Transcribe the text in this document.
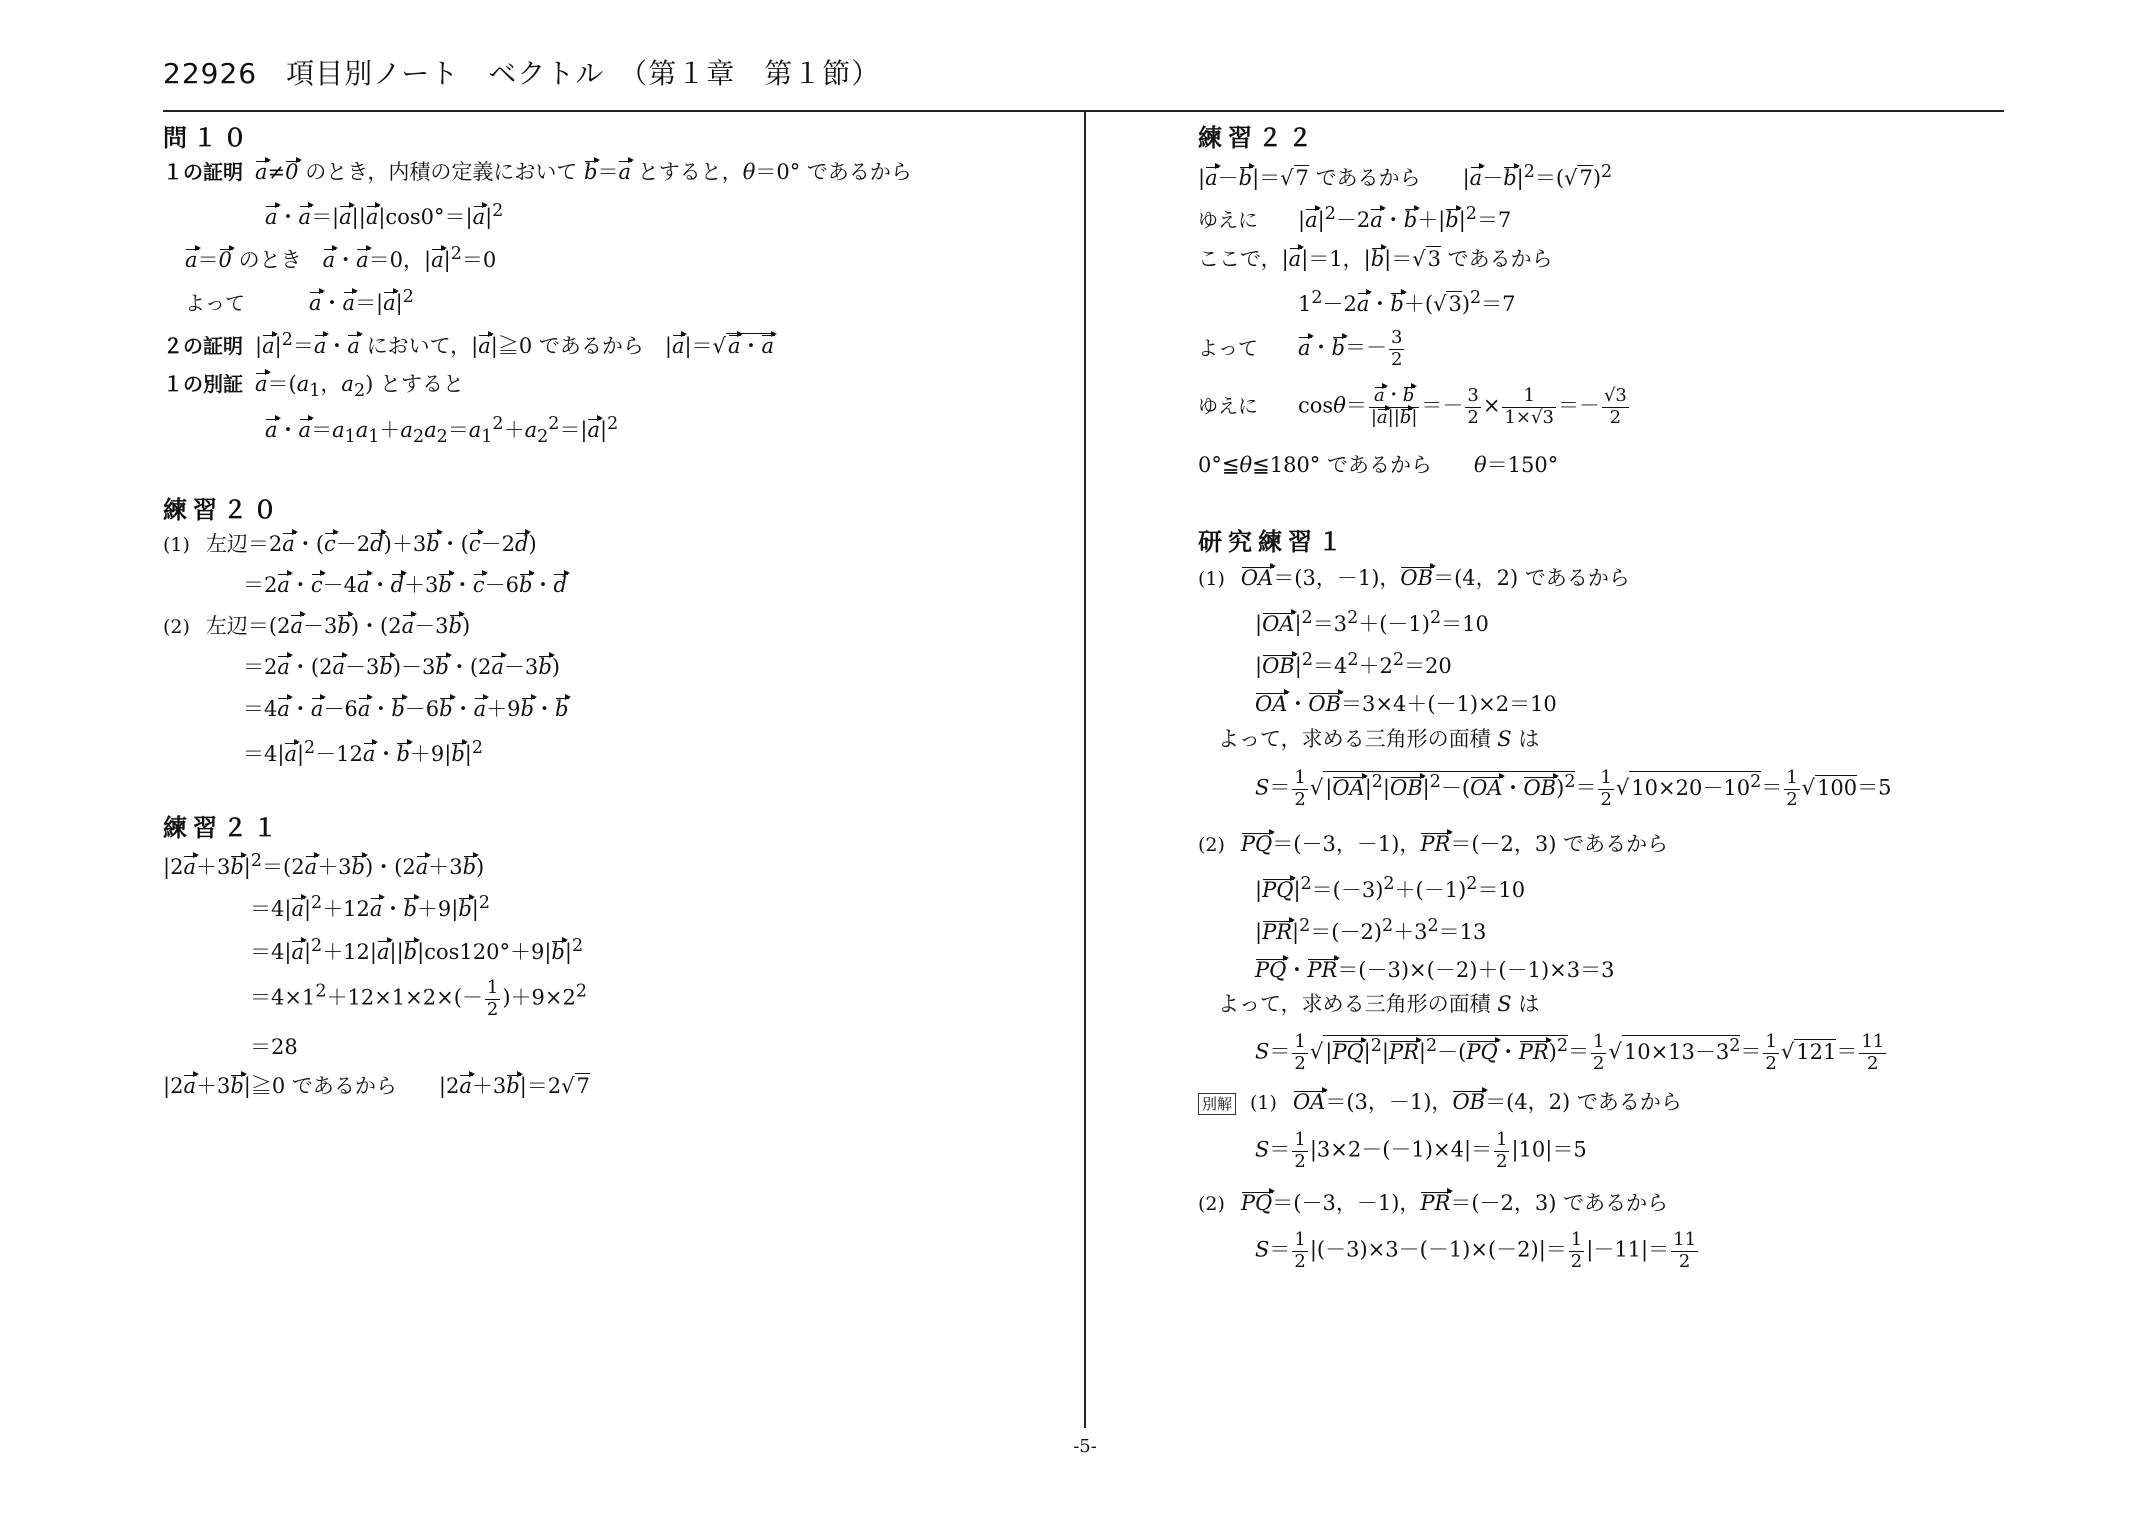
22926　項目別ノート　ベクトル　（第１章　第１節）
-5-
問１０
１の証明 a≠0 のとき，内積の定義において b＝a とすると，θ＝0° であるから
a・$a=|a||a|\cos 0^\circ=|a|^2$
a＝0 のとき　a・a＝0，$|a|^2=0$
よって	a・$a=|a|^2$
２の証明 $|a|^2=a$・a において，|a|≧0 であるから　|a|＝√a・a
１の別証 $a=(a_1$，$a_2$) とすると
a・$a=a_1a_1+a_2a_2=a_1^2+a_2^2=|a|^2$
練習２０
(1) 左辺＝2a・(c－2d)＋3b・(c－2d)
＝2a・c－4a・d＋3b・c－6b・d
(2) 左辺＝(2a－3b)・(2a－3b)
＝2a・(2a－3b)－3b・(2a－3b)
＝4a・a－6a・b－6b・a＋9b・b
$=4|a|^2-12a$・$b+9|b|^2$
練習２１
$|2a+3b|^2=(2a+3b)$・(2a＋3b)
$=4|a|^2+12a$・$b+9|b|^2$
$=4|a|^2+12|a||b|\cos 120^\circ+9|b|^2$
$=4\times 1^2+12\times 1\times 2\times(- \frac{1}{2} )+9\times 2^2$
＝28
|2a＋3b|≧0 であるから　　|2a＋3b|＝2√7
練習２２
|a－b|＝√7 であるから　　$|a-b|^2=(√7)^2$
ゆえに $|a|^2-2a$・$b+|b|^2=7$
ここで，|a|＝1，|b|＝√3 であるから
$1^2-2a$・$b+(√3)^2=7$
よって a・$b=- \frac{3}{2}$
ゆえに $\cos\theta= \frac{a・b}{|a||b|} =- \frac{3}{2} \times \frac{1}{1\times√3} =- \frac{√3}{2}$
0°≦θ≦180° であるから　　θ＝150°
研究練習１
(1) OA＝(3，－1)，OB＝(4，2) であるから
$|OA|^2=3^2+(-1)^2=10$
$|OB|^2=4^2+2^2=20$
OA・OB＝3×4＋(－1)×2＝10
よって，求める三角形の面積 S は
$S= \frac{1}{2} √|OA|^2|OB|^2-(OA$・$OB)^2= \frac{1}{2} √10\times 20-10^2= \frac{1}{2} √100=5$
(2) PQ＝(－3，－1)，PR＝(－2，3) であるから
$|PQ|^2=(-3)^2+(-1)^2=10$
$|PR|^2=(-2)^2+3^2=13$
PQ・PR＝(－3)×(－2)＋(－1)×3＝3
よって，求める三角形の面積 S は
$S= \frac{1}{2} √|PQ|^2|PR|^2-(PQ$・$PR)^2= \frac{1}{2} √10\times 13-3^2= \frac{1}{2} √121= \frac{11}{2}$
別解 (1) OA＝(3，－1)，OB＝(4，2) であるから
$S= \frac{1}{2} |3\times 2-(-1)\times 4|= \frac{1}{2} |10|=5$
(2) PQ＝(－3，－1)，PR＝(－2，3) であるから
$S= \frac{1}{2} |(-3)\times 3-(-1)\times(-2)|= \frac{1}{2} |-11|= \frac{11}{2}$
